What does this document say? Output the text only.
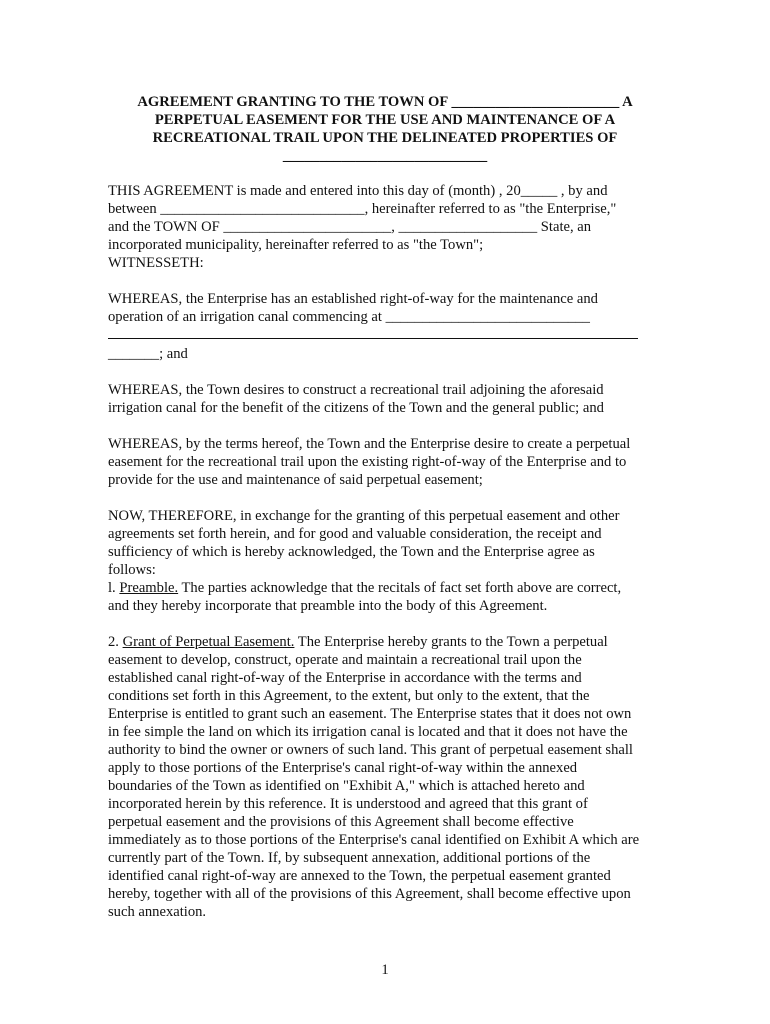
AGREEMENT GRANTING TO THE TOWN OF _______________________ A
PERPETUAL EASEMENT FOR THE USE AND MAINTENANCE OF A
RECREATIONAL TRAIL UPON THE DELINEATED PROPERTIES OF
____________________________
THIS AGREEMENT is made and entered into this day of (month) , 20_____ , by and
between ____________________________, hereinafter referred to as "the Enterprise,"
and the TOWN OF _______________________, ___________________ State, an
incorporated municipality, hereinafter referred to as "the Town";
WITNESSETH:
WHEREAS, the Enterprise has an established right-of-way for the maintenance and
operation of an irrigation canal commencing at ____________________________
_______; and
WHEREAS, the Town desires to construct a recreational trail adjoining the aforesaid
irrigation canal for the benefit of the citizens of the Town and the general public; and
WHEREAS, by the terms hereof, the Town and the Enterprise desire to create a perpetual
easement for the recreational trail upon the existing right-of-way of the Enterprise and to
provide for the use and maintenance of said perpetual easement;
NOW, THEREFORE, in exchange for the granting of this perpetual easement and other
agreements set forth herein, and for good and valuable consideration, the receipt and
sufficiency of which is hereby acknowledged, the Town and the Enterprise agree as
follows:
l. Preamble. The parties acknowledge that the recitals of fact set forth above are correct,
and they hereby incorporate that preamble into the body of this Agreement.
2. Grant of Perpetual Easement. The Enterprise hereby grants to the Town a perpetual
easement to develop, construct, operate and maintain a recreational trail upon the
established canal right-of-way of the Enterprise in accordance with the terms and
conditions set forth in this Agreement, to the extent, but only to the extent, that the
Enterprise is entitled to grant such an easement. The Enterprise states that it does not own
in fee simple the land on which its irrigation canal is located and that it does not have the
authority to bind the owner or owners of such land. This grant of perpetual easement shall
apply to those portions of the Enterprise's canal right-of-way within the annexed
boundaries of the Town as identified on "Exhibit A," which is attached hereto and
incorporated herein by this reference. It is understood and agreed that this grant of
perpetual easement and the provisions of this Agreement shall become effective
immediately as to those portions of the Enterprise's canal identified on Exhibit A which are
currently part of the Town. If, by subsequent annexation, additional portions of the
identified canal right-of-way are annexed to the Town, the perpetual easement granted
hereby, together with all of the provisions of this Agreement, shall become effective upon
such annexation.
1
